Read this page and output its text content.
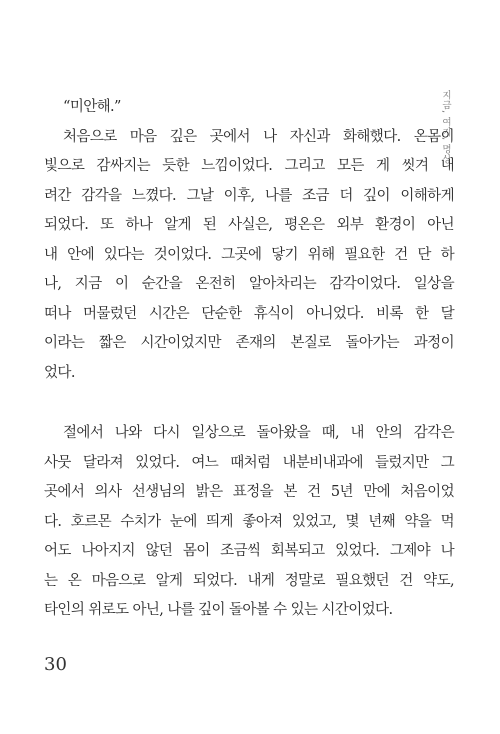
지금, 여기, 명상
“미안해.”
처음으로 마음 깊은 곳에서 나 자신과 화해했다. 온몸이
빛으로 감싸지는 듯한 느낌이었다. 그리고 모든 게 씻겨 내
려간 감각을 느꼈다. 그날 이후, 나를 조금 더 깊이 이해하게
되었다. 또 하나 알게 된 사실은, 평온은 외부 환경이 아닌
내 안에 있다는 것이었다. 그곳에 닿기 위해 필요한 건 단 하
나, 지금 이 순간을 온전히 알아차리는 감각이었다. 일상을
떠나 머물렀던 시간은 단순한 휴식이 아니었다. 비록 한 달
이라는 짧은 시간이었지만 존재의 본질로 돌아가는 과정이
었다.
절에서 나와 다시 일상으로 돌아왔을 때, 내 안의 감각은
사뭇 달라져 있었다. 여느 때처럼 내분비내과에 들렀지만 그
곳에서 의사 선생님의 밝은 표정을 본 건 5년 만에 처음이었
다. 호르몬 수치가 눈에 띄게 좋아져 있었고, 몇 년째 약을 먹
어도 나아지지 않던 몸이 조금씩 회복되고 있었다. 그제야 나
는 온 마음으로 알게 되었다. 내게 정말로 필요했던 건 약도,
타인의 위로도 아닌, 나를 깊이 돌아볼 수 있는 시간이었다.
30
